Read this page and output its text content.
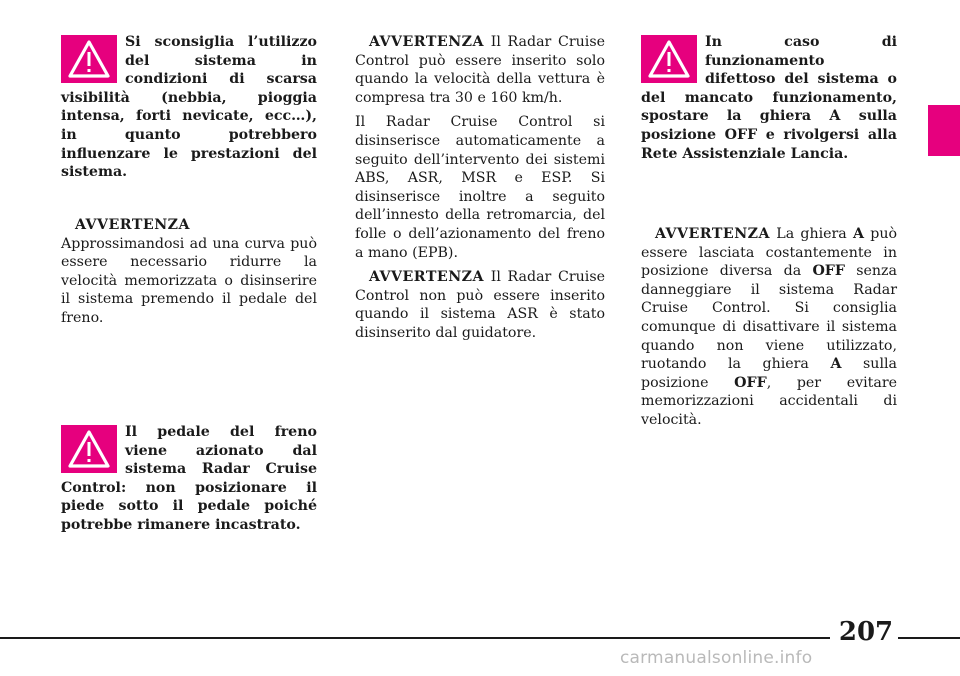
Si sconsiglia l’utilizzo del sistema in condizioni di scarsa visibilità (nebbia, pioggia intensa, forti nevicate, ecc…), in quanto potrebbero influenzare le prestazioni del sistema.

AVVERTENZA Approssimandosi ad una curva può essere necessario ridurre la velocità memorizzata o disinserire il sistema premendo il pedale del freno.

Il pedale del freno viene azionato dal sistema Radar Cruise Control: non posizionare il piede sotto il pedale poiché potrebbe rimanere incastrato.

AVVERTENZA Il Radar Cruise Control può essere inserito solo quando la velocità della vettura è compresa tra 30 e 160 km/h.

Il Radar Cruise Control si disinserisce automaticamente a seguito dell’intervento dei sistemi ABS, ASR, MSR e ESP. Si disinserisce inoltre a seguito dell’innesto della retromarcia, del folle o dell’azionamento del freno a mano (EPB).

AVVERTENZA Il Radar Cruise Control non può essere inserito quando il sistema ASR è stato disinserito dal guidatore.

In caso di funzionamento difettoso del sistema o del mancato funzionamento, spostare la ghiera A sulla posizione OFF e rivolgersi alla Rete Assistenziale Lancia.

AVVERTENZA La ghiera A può essere lasciata costantemente in posizione diversa da OFF senza danneggiare il sistema Radar Cruise Control. Si consiglia comunque di disattivare il sistema quando non viene utilizzato, ruotando la ghiera A sulla posizione OFF, per evitare memorizzazioni accidentali di velocità.

207
carmanualsonline.info
